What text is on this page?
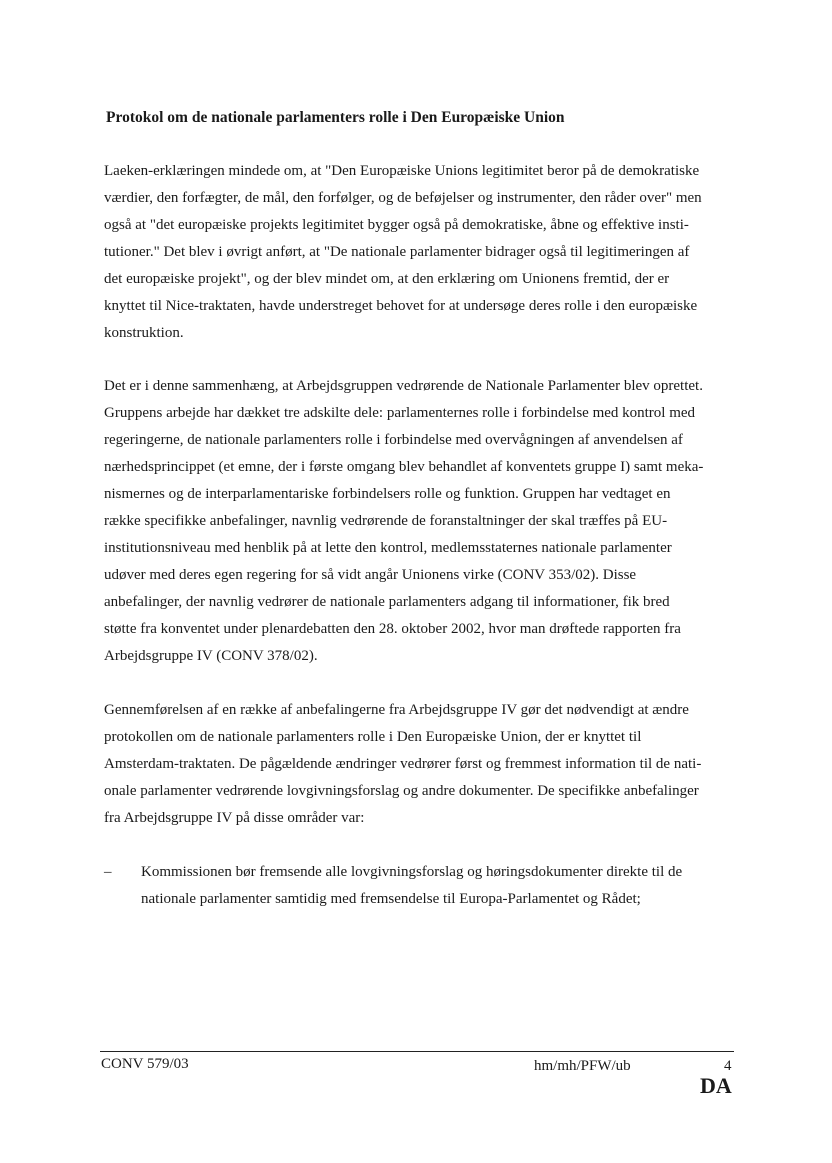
Protokol om de nationale parlamenters rolle i Den Europæiske Union
Laeken-erklæringen mindede om, at "Den Europæiske Unions legitimitet beror på de demokratiske
værdier, den forfægter, de mål, den forfølger, og de beføjelser og instrumenter, den råder over" men
også at "det europæiske projekts legitimitet bygger også på demokratiske, åbne og effektive insti-
tutioner." Det blev i øvrigt anført, at "De nationale parlamenter bidrager også til legitimeringen af
det europæiske projekt", og der blev mindet om, at den erklæring om Unionens fremtid, der er
knyttet til Nice-traktaten, havde understreget behovet for at undersøge deres rolle i den europæiske
konstruktion.
Det er i denne sammenhæng, at Arbejdsgruppen vedrørende de Nationale Parlamenter blev oprettet.
Gruppens arbejde har dækket tre adskilte dele: parlamenternes rolle i forbindelse med kontrol med
regeringerne, de nationale parlamenters rolle i forbindelse med overvågningen af anvendelsen af
nærhedsprincippet (et emne, der i første omgang blev behandlet af konventets gruppe I) samt meka-
nismernes og de interparlamentariske forbindelsers rolle og funktion. Gruppen har vedtaget en
række specifikke anbefalinger, navnlig vedrørende de foranstaltninger der skal træffes på EU-
institutionsniveau med henblik på at lette den kontrol, medlemsstaternes nationale parlamenter
udøver med deres egen regering for så vidt angår Unionens virke (CONV 353/02). Disse
anbefalinger, der navnlig vedrører de nationale parlamenters adgang til informationer, fik bred
støtte fra konventet under plenardebatten den 28. oktober 2002, hvor man drøftede rapporten fra
Arbejdsgruppe IV (CONV 378/02).
Gennemførelsen af en række af anbefalingerne fra Arbejdsgruppe IV gør det nødvendigt at ændre
protokollen om de nationale parlamenters rolle i Den Europæiske Union, der er knyttet til
Amsterdam-traktaten. De pågældende ændringer vedrører først og fremmest information til de nati-
onale parlamenter vedrørende lovgivningsforslag og andre dokumenter. De specifikke anbefalinger
fra Arbejdsgruppe IV på disse områder var:
– Kommissionen bør fremsende alle lovgivningsforslag og høringsdokumenter direkte til de
nationale parlamenter samtidig med fremsendelse til Europa-Parlamentet og Rådet;
CONV 579/03	hm/mh/PFW/ub	4
DA
